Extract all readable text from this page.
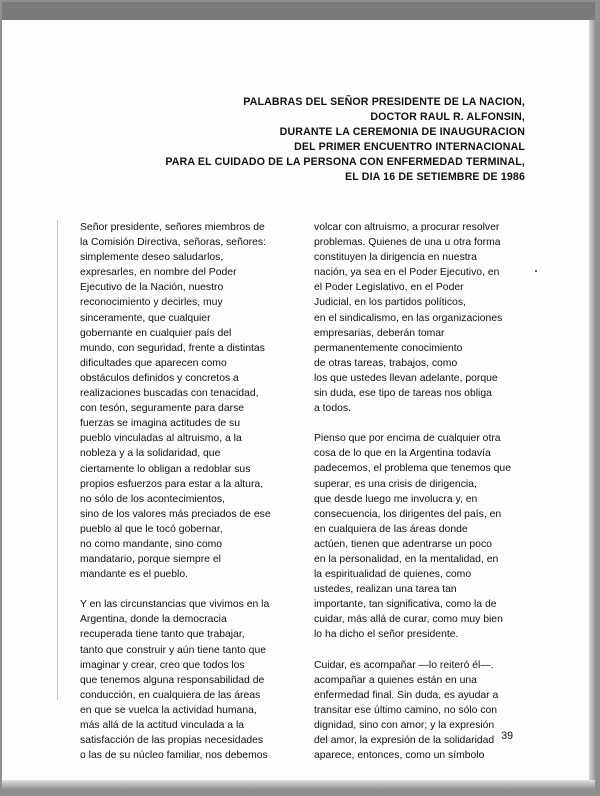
PALABRAS DEL SEÑOR PRESIDENTE DE LA NACION,
DOCTOR RAUL R. ALFONSIN,
DURANTE LA CEREMONIA DE INAUGURACION
DEL PRIMER ENCUENTRO INTERNACIONAL
PARA EL CUIDADO DE LA PERSONA CON ENFERMEDAD TERMINAL,
EL DIA 16 DE SETIEMBRE DE 1986
Señor presidente, señores miembros de
la Comisión Directiva, señoras, señores:
simplemente deseo saludarlos,
expresarles, en nombre del Poder
Ejecutivo de la Nación, nuestro
reconocimiento y decirles, muy
sinceramente, que cualquier
gobernante en cualquier país del
mundo, con seguridad, frente a distintas
dificultades que aparecen como
obstáculos definidos y concretos a
realizaciones buscadas con tenacidad,
con tesón, seguramente para darse
fuerzas se imagina actitudes de su
pueblo vinculadas al altruismo, a la
nobleza y a la solidaridad, que
ciertamente lo obligan a redoblar sus
propios esfuerzos para estar a la altura,
no sólo de los acontecimientos,
sino de los valores más preciados de ese
pueblo al que le tocó gobernar,
no como mandante, sino como
mandatario, porque siempre el
mandante es el pueblo.
Y en las circunstancias que vivimos en la
Argentina, donde la democracia
recuperada tiene tanto que trabajar,
tanto que construir y aún tiene tanto que
imaginar y crear, creo que todos los
que tenemos alguna responsabilidad de
conducción, en cualquiera de las áreas
en que se vuelca la actividad humana,
más allá de la actitud vinculada a la
satisfacción de las propias necesidades
o las de su núcleo familiar, nos debemos
volcar con altruismo, a procurar resolver
problemas. Quienes de una u otra forma
constituyen la dirigencia en nuestra
nación, ya sea en el Poder Ejecutivo, en
el Poder Legislativo, en el Poder
Judicial, en los partidos políticos,
en el sindicalismo, en las organizaciones
empresarias, deberán tomar
permanentemente conocimiento
de otras tareas, trabajos, como
los que ustedes llevan adelante, porque
sin duda, ese tipo de tareas nos obliga
a todos.
Pienso que por encima de cualquier otra
cosa de lo que en la Argentina todavía
padecemos, el problema que tenemos que
superar, es una crisis de dirigencia,
que desde luego me involucra y, en
consecuencia, los dirigentes del país, en
en cualquiera de las áreas donde
actúen, tienen que adentrarse un poco
en la personalidad, en la mentalidad, en
la espiritualidad de quienes, como
ustedes, realizan una tarea tan
importante, tan significativa, como la de
cuidar, más allá de curar, como muy bien
lo ha dicho el señor presidente.
Cuidar, es acompañar —lo reiteró él—.
acompañar a quienes están en una
enfermedad final. Sin duda, es ayudar a
transitar ese último camino, no sólo con
dignidad, sino con amor; y la expresión
del amor, la expresión de la solidaridad
aparece, entonces, como un símbolo
39
